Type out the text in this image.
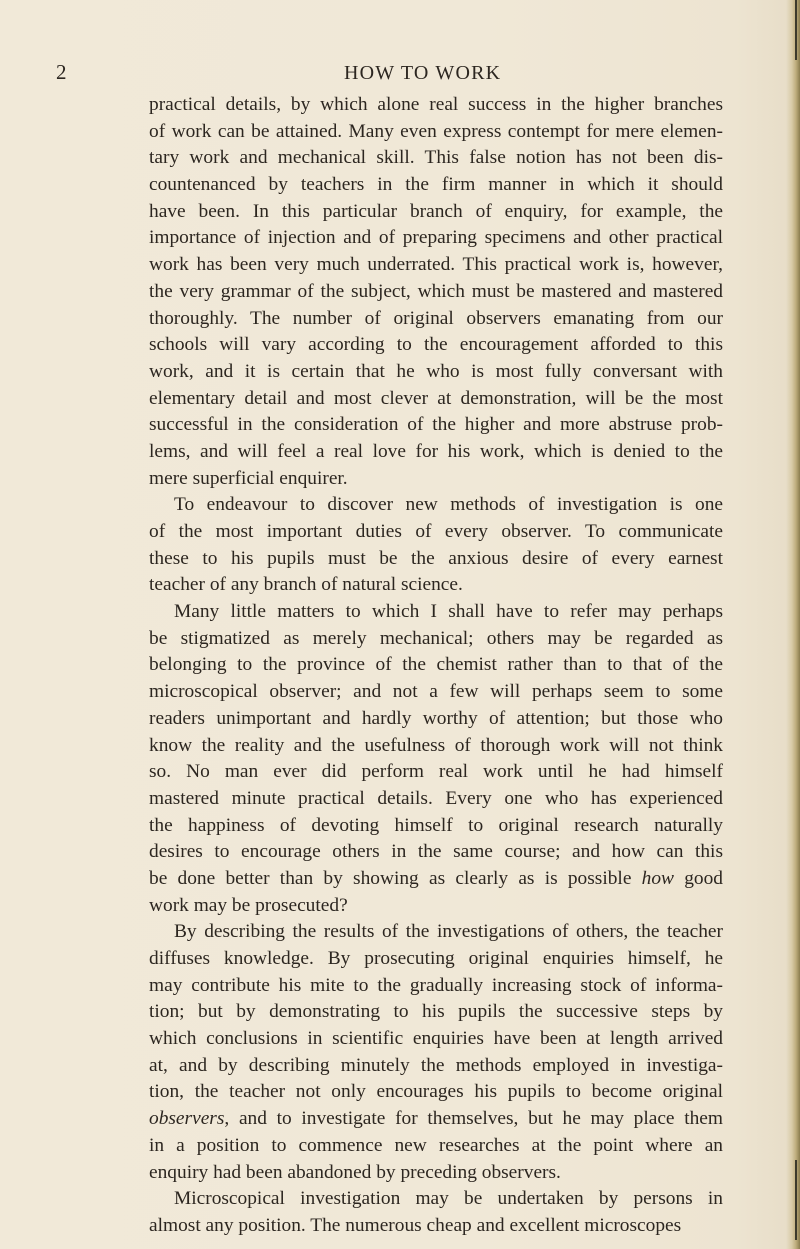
2	HOW TO WORK
practical details, by which alone real success in the higher branches
of work can be attained. Many even express contempt for mere elemen-
tary work and mechanical skill. This false notion has not been dis-
countenanced by teachers in the firm manner in which it should
have been. In this particular branch of enquiry, for example, the
importance of injection and of preparing specimens and other practical
work has been very much underrated. This practical work is, however,
the very grammar of the subject, which must be mastered and mastered
thoroughly. The number of original observers emanating from our
schools will vary according to the encouragement afforded to this
work, and it is certain that he who is most fully conversant with
elementary detail and most clever at demonstration, will be the most
successful in the consideration of the higher and more abstruse prob-
lems, and will feel a real love for his work, which is denied to the
mere superficial enquirer.
To endeavour to discover new methods of investigation is one
of the most important duties of every observer. To communicate
these to his pupils must be the anxious desire of every earnest
teacher of any branch of natural science.
Many little matters to which I shall have to refer may perhaps
be stigmatized as merely mechanical; others may be regarded as
belonging to the province of the chemist rather than to that of the
microscopical observer; and not a few will perhaps seem to some
readers unimportant and hardly worthy of attention; but those who
know the reality and the usefulness of thorough work will not think
so. No man ever did perform real work until he had himself
mastered minute practical details. Every one who has experienced
the happiness of devoting himself to original research naturally
desires to encourage others in the same course; and how can this
be done better than by showing as clearly as is possible how good
work may be prosecuted?
By describing the results of the investigations of others, the teacher
diffuses knowledge. By prosecuting original enquiries himself, he
may contribute his mite to the gradually increasing stock of informa-
tion; but by demonstrating to his pupils the successive steps by
which conclusions in scientific enquiries have been at length arrived
at, and by describing minutely the methods employed in investiga-
tion, the teacher not only encourages his pupils to become original
observers, and to investigate for themselves, but he may place them
in a position to commence new researches at the point where an
enquiry had been abandoned by preceding observers.
Microscopical investigation may be undertaken by persons in
almost any position. The numerous cheap and excellent microscopes
